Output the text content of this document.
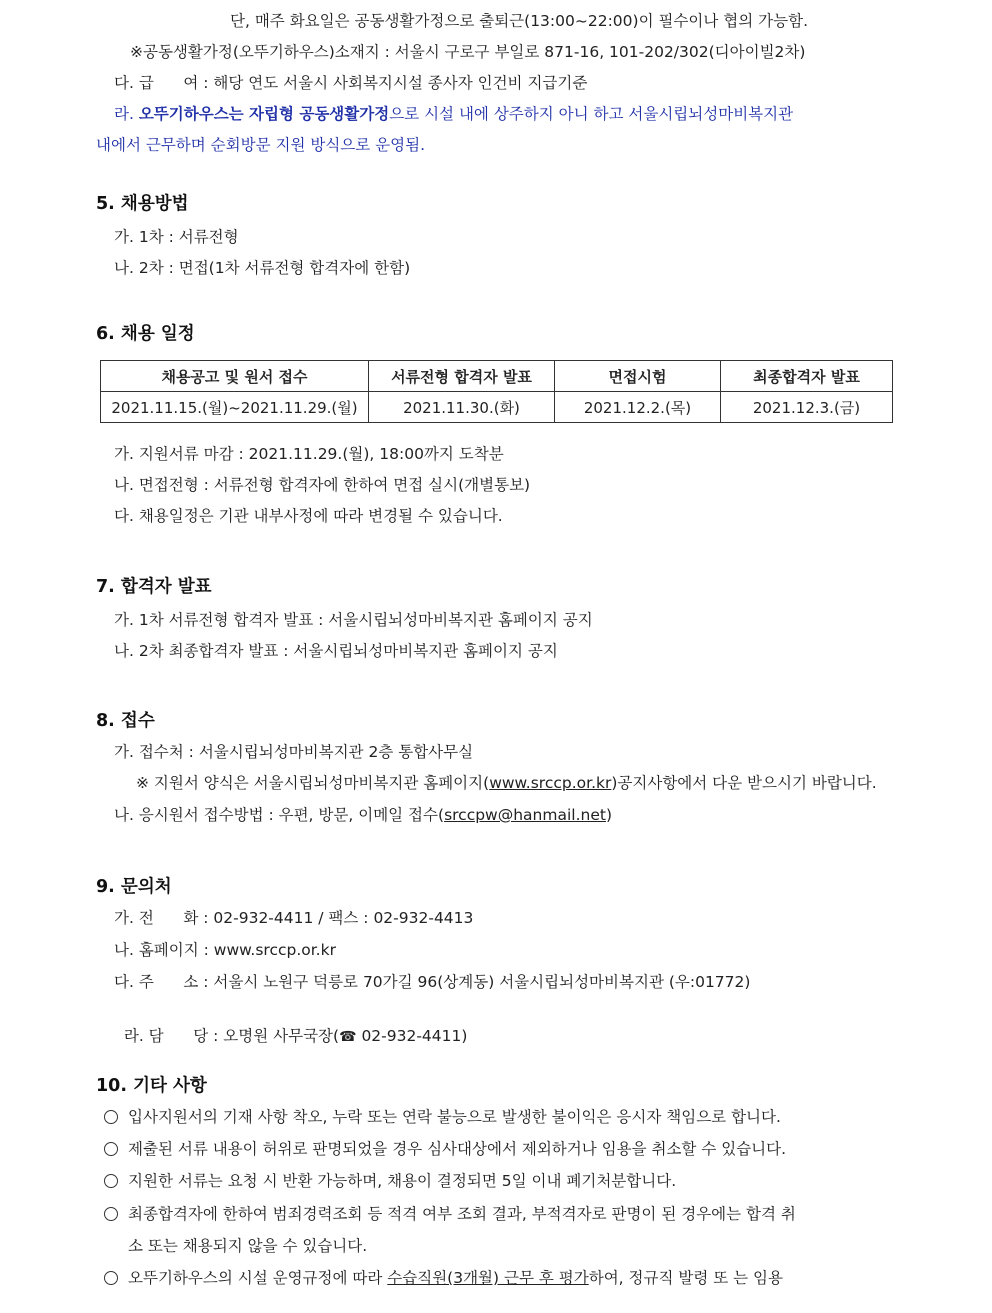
단, 매주 화요일은 공동생활가정으로 출퇴근(13:00~22:00)이 필수이나 협의 가능함.
※공동생활가정(오뚜기하우스)소재지 : 서울시 구로구 부일로 871-16, 101-202/302(디아이빌2차)
다. 급      여 : 해당 연도 서울시 사회복지시설 종사자 인건비 지급기준
라. 오뚜기하우스는 자립형 공동생활가정으로 시설 내에 상주하지 아니 하고 서울시립뇌성마비복지관
내에서 근무하며 순회방문 지원 방식으로 운영됨.
5. 채용방법
가. 1차 : 서류전형
나. 2차 : 면접(1차 서류전형 합격자에 한함)
6. 채용 일정
채용공고 및 원서 접수	서류전형 합격자 발표	면접시험	최종합격자 발표
2021.11.15.(월)~2021.11.29.(월)	2021.11.30.(화)	2021.12.2.(목)	2021.12.3.(금)
가. 지원서류 마감 : 2021.11.29.(월), 18:00까지 도착분
나. 면접전형 : 서류전형 합격자에 한하여 면접 실시(개별통보)
다. 채용일정은 기관 내부사정에 따라 변경될 수 있습니다.
7. 합격자 발표
가. 1차 서류전형 합격자 발표 : 서울시립뇌성마비복지관 홈페이지 공지
나. 2차 최종합격자 발표 : 서울시립뇌성마비복지관 홈페이지 공지
8. 접수
가. 접수처 : 서울시립뇌성마비복지관 2층 통합사무실
※ 지원서 양식은 서울시립뇌성마비복지관 홈페이지(www.srccp.or.kr)공지사항에서 다운 받으시기 바랍니다.
나. 응시원서 접수방법 : 우편, 방문, 이메일 접수(srccpw@hanmail.net)
9. 문의처
가. 전      화 : 02-932-4411 / 팩스 : 02-932-4413
나. 홈페이지 : www.srccp.or.kr
다. 주      소 : 서울시 노원구 덕릉로 70가길 96(상계동) 서울시립뇌성마비복지관 (우:01772)

라. 담      당 : 오명원 사무국장(☎ 02-932-4411)

10. 기타 사항
입사지원서의 기재 사항 착오, 누락 또는 연락 불능으로 발생한 불이익은 응시자 책임으로 합니다.
제출된 서류 내용이 허위로 판명되었을 경우 심사대상에서 제외하거나 임용을 취소할 수 있습니다.
지원한 서류는 요청 시 반환 가능하며, 채용이 결정되면 5일 이내 폐기처분합니다.
최종합격자에 한하여 범죄경력조회 등 적격 여부 조회 결과, 부적격자로 판명이 된 경우에는 합격 취
소 또는 채용되지 않을 수 있습니다.
오뚜기하우스의 시설 운영규정에 따라 수습직원(3개월) 근무 후 평가하여, 정규직 발령 또 는 임용
